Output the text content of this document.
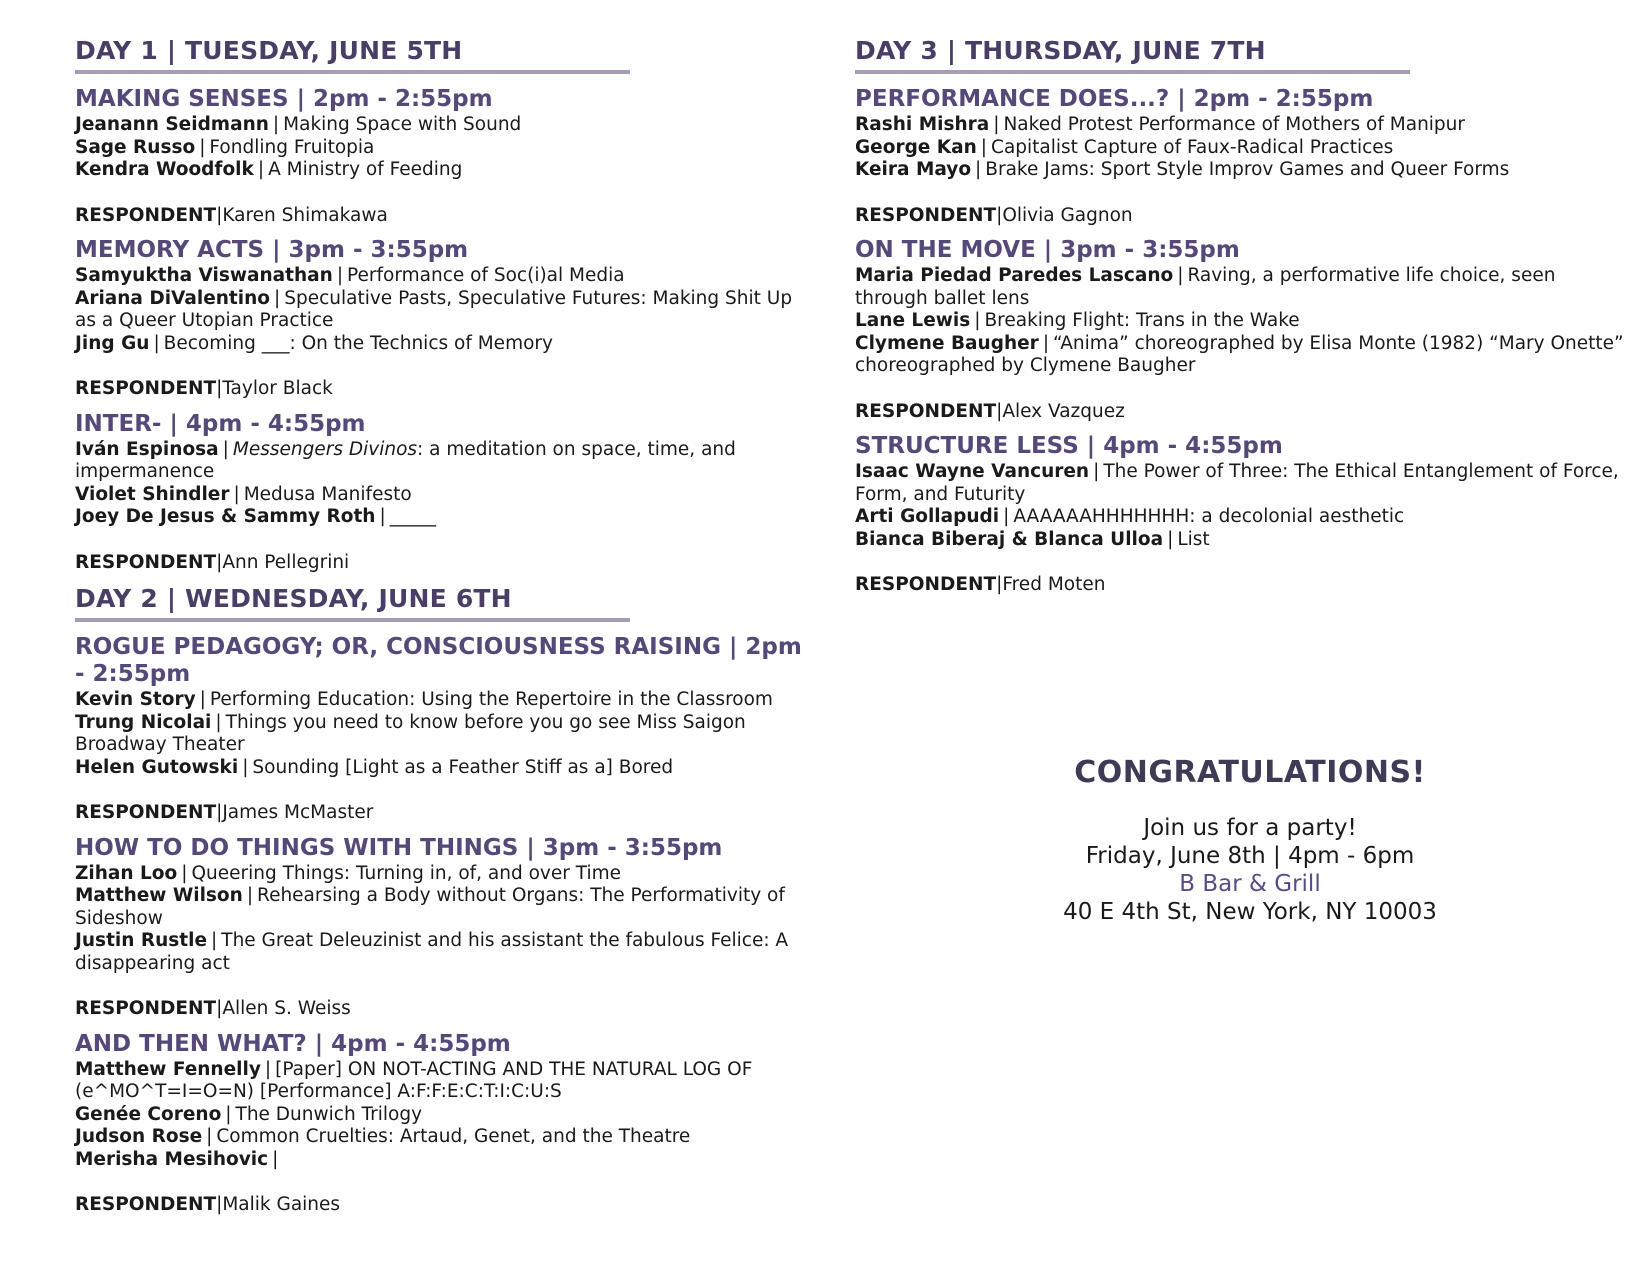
DAY 1 | TUESDAY, JUNE 5TH
MAKING SENSES | 2pm - 2:55pm
Jeanann Seidmann | Making Space with Sound
Sage Russo | Fondling Fruitopia
Kendra Woodfolk | A Ministry of Feeding
RESPONDENT|Karen Shimakawa
MEMORY ACTS | 3pm - 3:55pm
Samyuktha Viswanathan | Performance of Soc(i)al Media
Ariana DiValentino | Speculative Pasts, Speculative Futures: Making Shit Up as a Queer Utopian Practice
Jing Gu | Becoming ___: On the Technics of Memory
RESPONDENT|Taylor Black
INTER- | 4pm - 4:55pm
Iván Espinosa | Messengers Divinos: a meditation on space, time, and impermanence
Violet Shindler | Medusa Manifesto
Joey De Jesus & Sammy Roth | _____
RESPONDENT|Ann Pellegrini
DAY 2 | WEDNESDAY, JUNE 6TH
ROGUE PEDAGOGY; OR, CONSCIOUSNESS RAISING | 2pm - 2:55pm
Kevin Story | Performing Education: Using the Repertoire in the Classroom
Trung Nicolai | Things you need to know before you go see Miss Saigon Broadway Theater
Helen Gutowski | Sounding [Light as a Feather Stiff as a] Bored
RESPONDENT|James McMaster
HOW TO DO THINGS WITH THINGS | 3pm - 3:55pm
Zihan Loo | Queering Things: Turning in, of, and over Time
Matthew Wilson | Rehearsing a Body without Organs: The Performativity of Sideshow
Justin Rustle | The Great Deleuzinist and his assistant the fabulous Felice: A disappearing act
RESPONDENT|Allen S. Weiss
AND THEN WHAT? | 4pm - 4:55pm
Matthew Fennelly | [Paper] ON NOT-ACTING AND THE NATURAL LOG OF (e^MO^T=I=O=N) [Performance] A:F:F:E:C:T:I:C:U:S
Genée Coreno | The Dunwich Trilogy
Judson Rose | Common Cruelties: Artaud, Genet, and the Theatre
Merisha Mesihovic |
RESPONDENT|Malik Gaines
DAY 3 | THURSDAY, JUNE 7TH
PERFORMANCE DOES...? | 2pm - 2:55pm
Rashi Mishra | Naked Protest Performance of Mothers of Manipur
George Kan | Capitalist Capture of Faux-Radical Practices
Keira Mayo | Brake Jams: Sport Style Improv Games and Queer Forms
RESPONDENT|Olivia Gagnon
ON THE MOVE | 3pm - 3:55pm
Maria Piedad Paredes Lascano | Raving, a performative life choice, seen through ballet lens
Lane Lewis | Breaking Flight: Trans in the Wake
Clymene Baugher | “Anima” choreographed by Elisa Monte (1982) “Mary Onette” choreographed by Clymene Baugher
RESPONDENT|Alex Vazquez
STRUCTURE LESS | 4pm - 4:55pm
Isaac Wayne Vancuren | The Power of Three: The Ethical Entanglement of Force, Form, and Futurity
Arti Gollapudi | AAAAAAHHHHHHH: a decolonial aesthetic
Bianca Biberaj & Blanca Ulloa | List
RESPONDENT|Fred Moten
CONGRATULATIONS!
Join us for a party!
Friday, June 8th | 4pm - 6pm
B Bar & Grill
40 E 4th St, New York, NY 10003
